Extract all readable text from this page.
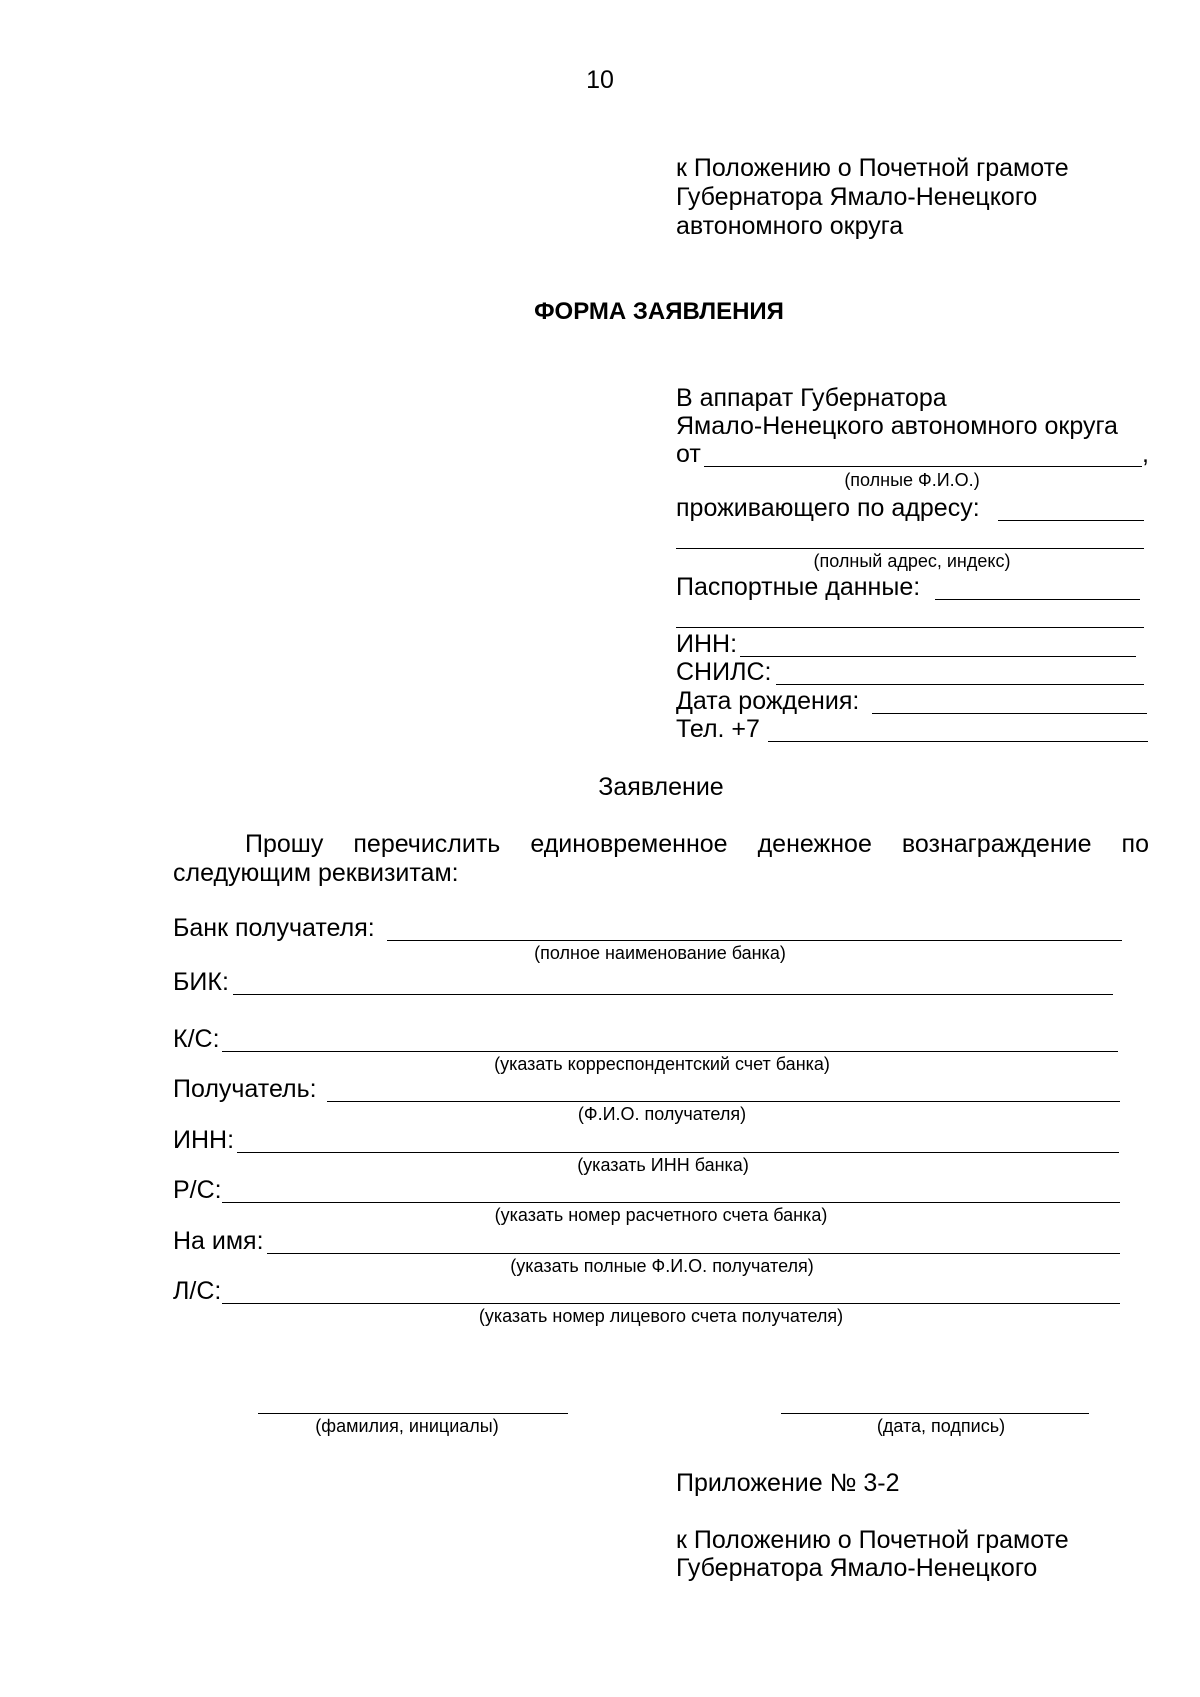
10
к Положению о Почетной грамоте
Губернатора Ямало-Ненецкого
автономного округа
ФОРМА ЗАЯВЛЕНИЯ
В аппарат Губернатора
Ямало-Ненецкого автономного округа
от	,
(полные Ф.И.О.)
проживающего по адресу:
(полный адрес, индекс)
Паспортные данные:
ИНН:
СНИЛС:
Дата рождения:
Тел. +7
Заявление
Прошу перечислить единовременное денежное вознаграждение по
следующим реквизитам:
Банк получателя:
(полное наименование банка)
БИК:
К/С:
(указать корреспондентский счет банка)
Получатель:
(Ф.И.О. получателя)
ИНН:
(указать ИНН банка)
Р/С:
(указать номер расчетного счета банка)
На имя:
(указать полные Ф.И.О. получателя)
Л/С:
(указать номер лицевого счета получателя)
(фамилия, инициалы)	(дата, подпись)
Приложение № 3-2
к Положению о Почетной грамоте
Губернатора Ямало-Ненецкого
